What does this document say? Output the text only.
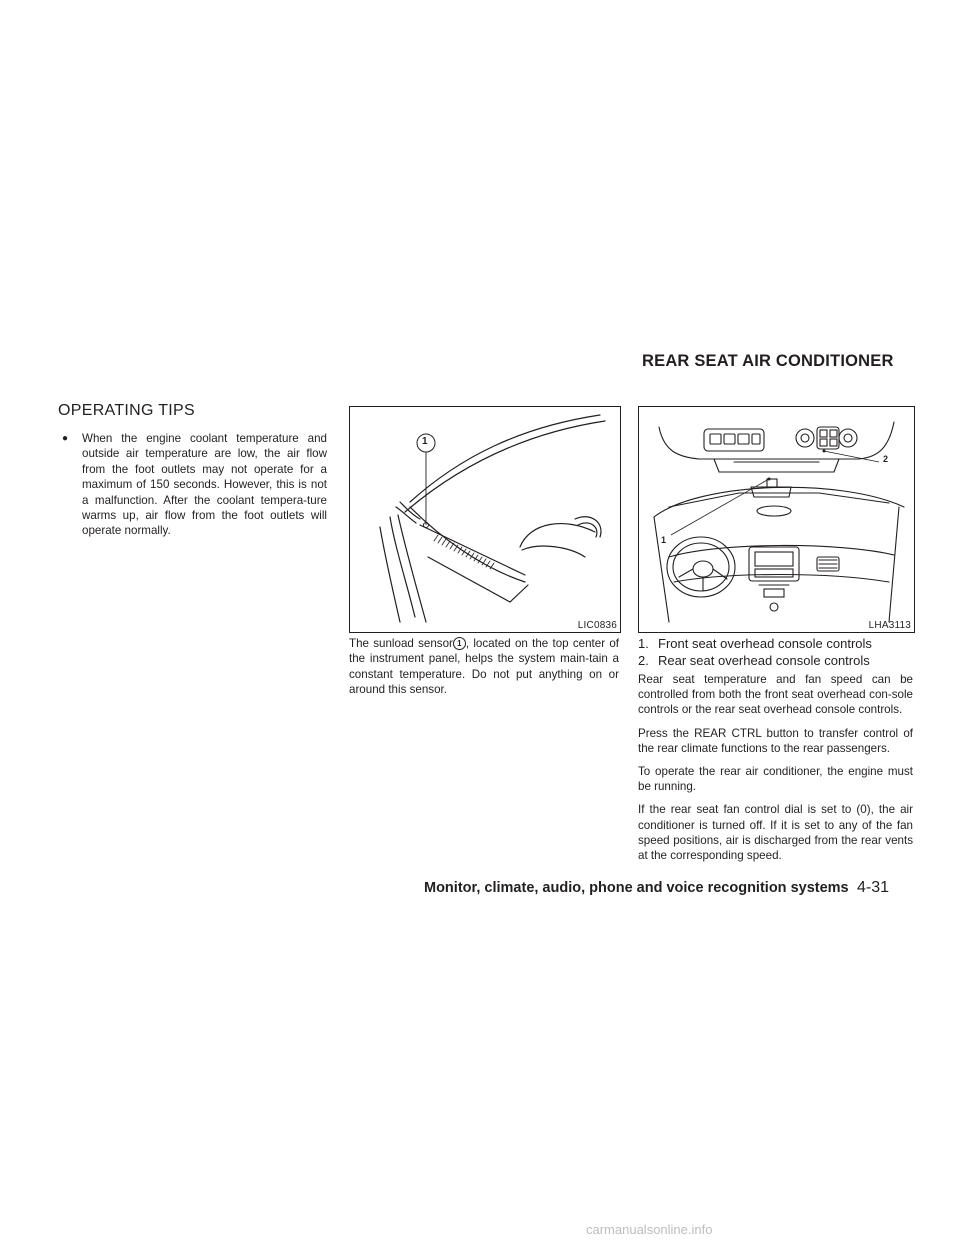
REAR SEAT AIR CONDITIONER
OPERATING TIPS
● When the engine coolant temperature and outside air temperature are low, the air flow from the foot outlets may not operate for a maximum of 150 seconds. However, this is not a malfunction. After the coolant tempera-ture warms up, air flow from the foot outlets will operate normally.
1
LIC0836
The sunload sensor 1 , located on the top center of the instrument panel, helps the system main-tain a constant temperature. Do not put anything on or around this sensor.
1
2
LHA3113
1. Front seat overhead console controls
2. Rear seat overhead console controls

Rear seat temperature and fan speed can be controlled from both the front seat overhead con-sole controls or the rear seat overhead console controls.

Press the REAR CTRL button to transfer control of the rear climate functions to the rear passengers.

To operate the rear air conditioner, the engine must be running.

If the rear seat fan control dial is set to (0), the air conditioner is turned off. If it is set to any of the fan speed positions, air is discharged from the rear vents at the corresponding speed.

Monitor, climate, audio, phone and voice recognition systems 4-31
carmanualsonline.info
